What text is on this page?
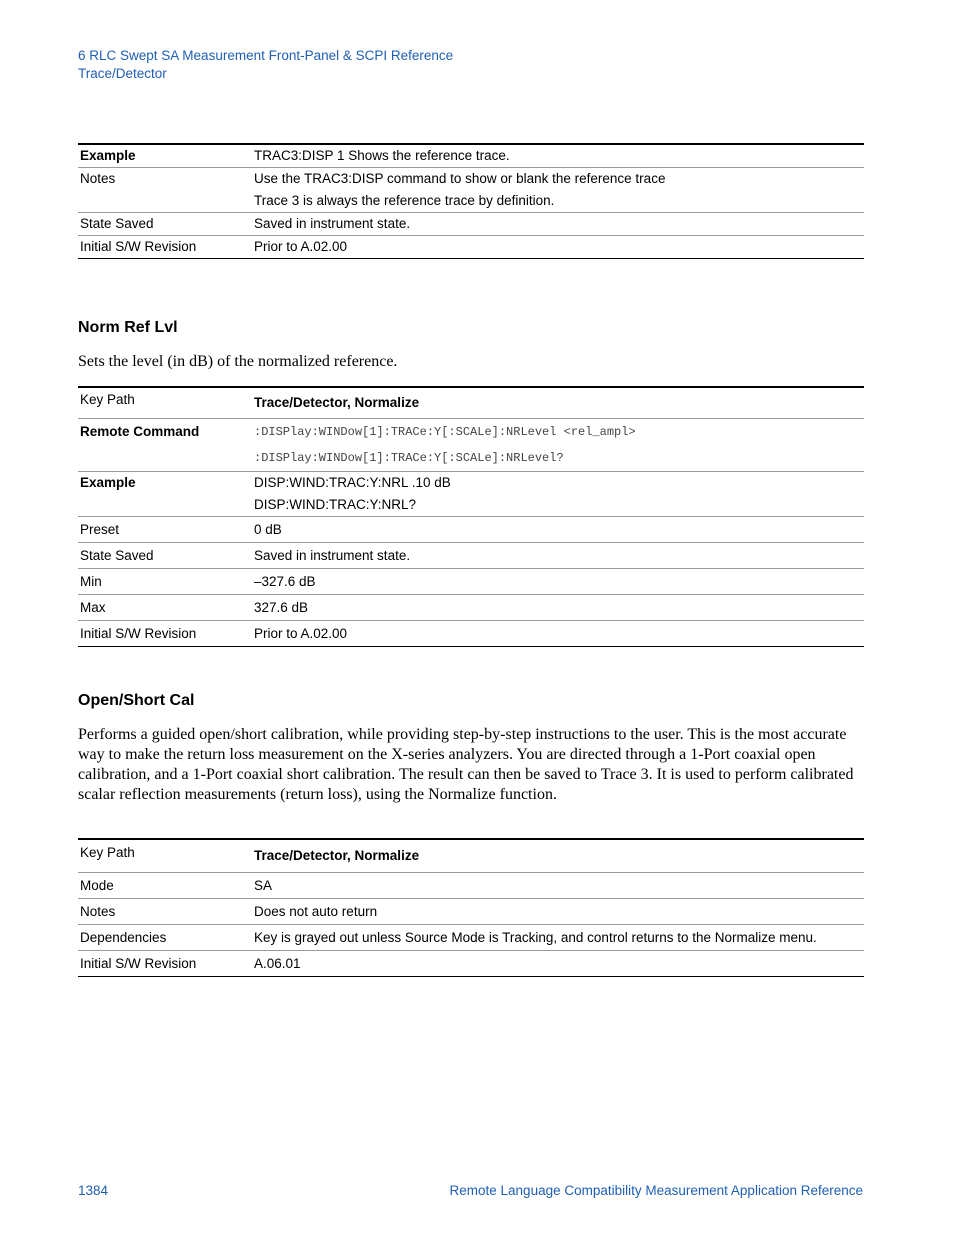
6 RLC Swept SA Measurement Front-Panel & SCPI Reference
Trace/Detector
Example	TRAC3:DISP 1 Shows the reference trace.
Notes	Use the TRAC3:DISP command to show or blank the reference trace
Trace 3 is always the reference trace by definition.

State Saved	Saved in instrument state.
Initial S/W Revision	Prior to A.02.00
Norm Ref Lvl
Sets the level (in dB) of the normalized reference.
Key Path	Trace/Detector, Normalize
Remote Command	:DISPlay:WINDow[1]:TRACe:Y[:SCALe]:NRLevel <rel_ampl>
:DISPlay:WINDow[1]:TRACe:Y[:SCALe]:NRLevel?

Example	DISP:WIND:TRAC:Y:NRL .10 dB
DISP:WIND:TRAC:Y:NRL?

Preset	0 dB
State Saved	Saved in instrument state.
Min	–327.6 dB
Max	327.6 dB
Initial S/W Revision	Prior to A.02.00
Open/Short Cal
Performs a guided open/short calibration, while providing step-by-step instructions to the user. This is the most accurate way to make the return loss measurement on the X-series analyzers. You are directed through a 1-Port coaxial open calibration, and a 1-Port coaxial short calibration. The result can then be saved to Trace 3. It is used to perform calibrated scalar reflection measurements (return loss), using the Normalize function.
Key Path	Trace/Detector, Normalize
Mode	SA
Notes	Does not auto return
Dependencies	Key is grayed out unless Source Mode is Tracking, and control returns to the Normalize menu.
Initial S/W Revision	A.06.01
1384	Remote Language Compatibility Measurement Application Reference
